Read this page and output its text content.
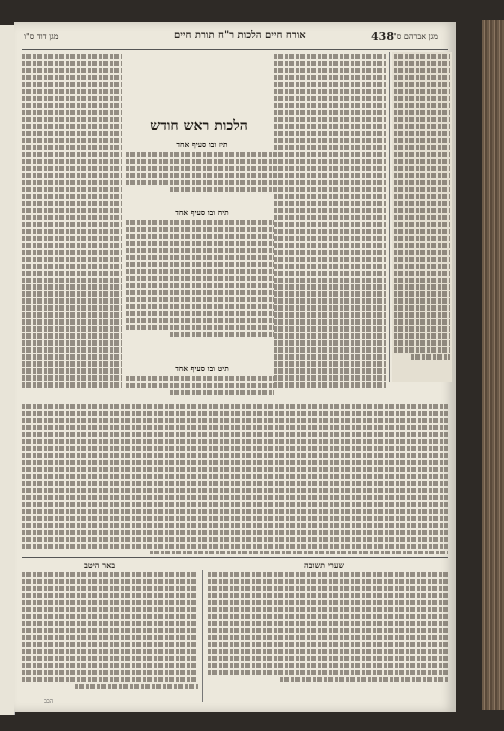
מגן דוד ס"ו	אורח חיים הלכות ר"ח תורת חיים	438
מגן אברהם ס"ו
הלכות ראש חודש
תיז ובו סעיף אחד
תיח ובו סעיף אחד
תיט ובו סעיף אחד
באר היטב	שערי תשובה
הבב
